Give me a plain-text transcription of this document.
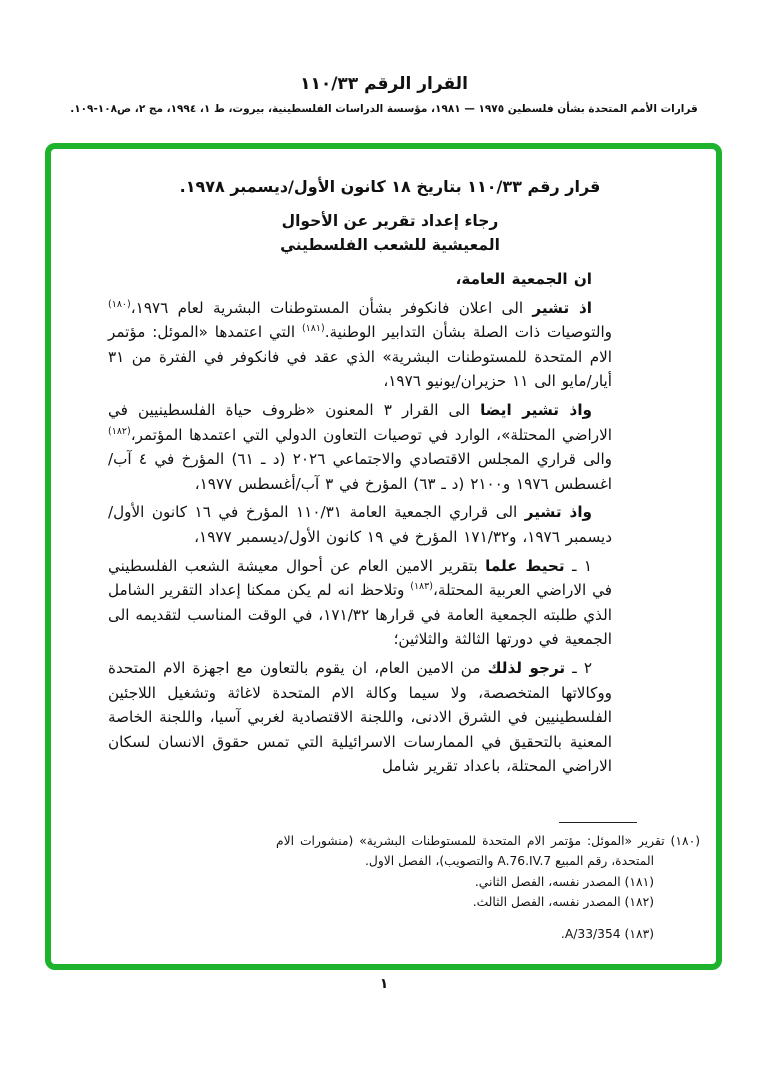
القرار الرقم ١١٠/٣٣
قرارات الأمم المتحدة بشأن فلسطين ١٩٧٥ — ١٩٨١، مؤسسة الدراسات الفلسطينية، بيروت، ط ١، ١٩٩٤، مج ٢، ص١٠٨-١٠٩.
قرار رقم ١١٠/٣٣ بتاريخ ١٨ كانون الأول/ديسمبر ١٩٧٨.
رجاء إعداد تقرير عن الأحوال
المعيشية للشعب الفلسطيني
ان الجمعية العامة،
اذ تشير الى اعلان فانكوفر بشأن المستوطنات البشرية لعام ١٩٧٦،$^{(١٨٠)}$ والتوصيات ذات الصلة بشأن التدابير الوطنية.$^{(١٨١)}$ التي اعتمدها «الموئل: مؤتمر الام المتحدة للمستوطنات البشرية» الذي عقد في فانكوفر في الفترة من ٣١ أيار/مايو الى ١١ حزيران/يونيو ١٩٧٦،
واذ تشير ايضا الى القرار ٣ المعنون «ظروف حياة الفلسطينيين في الاراضي المحتلة»، الوارد في توصيات التعاون الدولي التي اعتمدها المؤتمر،$^{(١٨٢)}$ والى قراري المجلس الاقتصادي والاجتماعي ٢٠٢٦ (د ـ ٦١) المؤرخ في ٤ آب/اغسطس ١٩٧٦ و٢١٠٠ (د ـ ٦٣) المؤرخ في ٣ آب/أغسطس ١٩٧٧،
واذ تشير الى قراري الجمعية العامة ١١٠/٣١ المؤرخ في ١٦ كانون الأول/ديسمبر ١٩٧٦، و١٧١/٣٢ المؤرخ في ١٩ كانون الأول/ديسمبر ١٩٧٧،
١ ـ تحيط علما بتقرير الامين العام عن أحوال معيشة الشعب الفلسطيني في الاراضي العربية المحتلة،$^{(١٨٣)}$ وتلاحظ انه لم يكن ممكنا إعداد التقرير الشامل الذي طلبته الجمعية العامة في قرارها ١٧١/٣٢، في الوقت المناسب لتقديمه الى الجمعية في دورتها الثالثة والثلاثين؛
٢ ـ ترجو لذلك من الامين العام، ان يقوم بالتعاون مع اجهزة الام المتحدة ووكالاتها المتخصصة، ولا سيما وكالة الام المتحدة لاغاثة وتشغيل اللاجئين الفلسطينيين في الشرق الادنى، واللجنة الاقتصادية لغربي آسيا، واللجنة الخاصة المعنية بالتحقيق في الممارسات الاسرائيلية التي تمس حقوق الانسان لسكان الاراضي المحتلة، باعداد تقرير شامل
(١٨٠) تقرير «الموئل: مؤتمر الام المتحدة للمستوطنات البشرية» (منشورات الام المتحدة، رقم المبيع A.76.IV.7 والتصويب)، الفصل الاول.
(١٨١) المصدر نفسه، الفصل الثاني.
(١٨٢) المصدر نفسه، الفصل الثالث.
(١٨٣) A/33/354.
١
